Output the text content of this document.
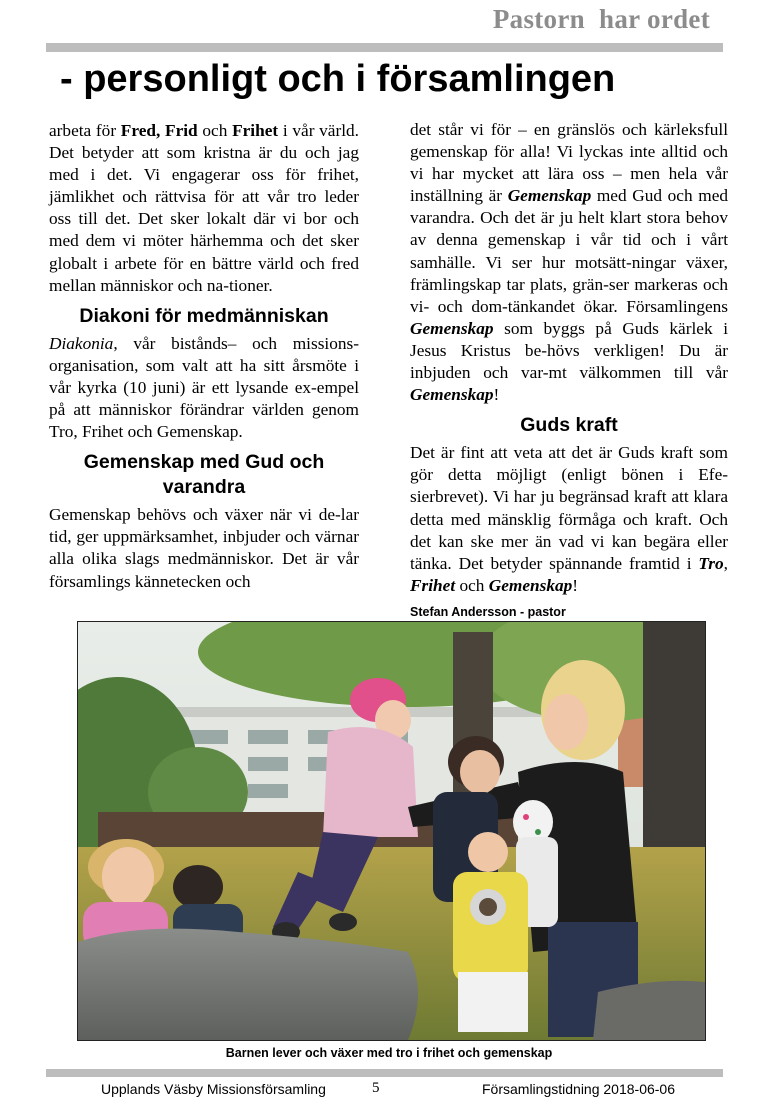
Pastorn  har ordet
- personligt och i församlingen

arbeta för Fred, Frid och Frihet i vår värld. Det betyder att som kristna är du och jag med i det. Vi engagerar oss för frihet, jämlikhet och rättvisa för att vår tro leder oss till det. Det sker lokalt där vi bor och med dem vi möter härhemma och det sker globalt i arbete för en bättre värld och fred mellan människor och na-tioner.

Diakoni för medmänniskan

Diakonia, vår bistånds– och missions-organisation, som valt att ha sitt årsmöte i vår kyrka (10 juni) är ett lysande ex-empel på att människor förändrar världen genom Tro, Frihet och Gemenskap.

Gemenskap med Gud och varandra

Gemenskap behövs och växer när vi de-lar tid, ger uppmärksamhet, inbjuder och värnar alla olika slags medmänniskor. Det är vår församlings kännetecken och

det står vi för – en gränslös och kärleksfull gemenskap för alla! Vi lyckas inte alltid och vi har mycket att lära oss – men hela vår inställning är Gemenskap med Gud och med varandra. Och det är ju helt klart stora behov av denna gemenskap i vår tid och i vårt samhälle. Vi ser hur motsätt-ningar växer, främlingskap tar plats, grän-ser markeras och vi- och dom-tänkandet ökar. Församlingens Gemenskap som byggs på Guds kärlek i Jesus Kristus be-hövs verkligen! Du är inbjuden och var-mt välkommen till vår Gemenskap!

Guds kraft

Det är fint att veta att det är Guds kraft som gör detta möjligt (enligt bönen i Efe-sierbrevet). Vi har ju begränsad kraft att klara detta med mänsklig förmåga och kraft. Och det kan ske mer än vad vi kan begära eller tänka. Det betyder spännande framtid i Tro, Frihet och Gemenskap!

Stefan Andersson - pastor
Barnen lever och växer med tro i frihet och gemenskap
Upplands Väsby Missionsförsamling	5	Församlingstidning 2018-06-06
